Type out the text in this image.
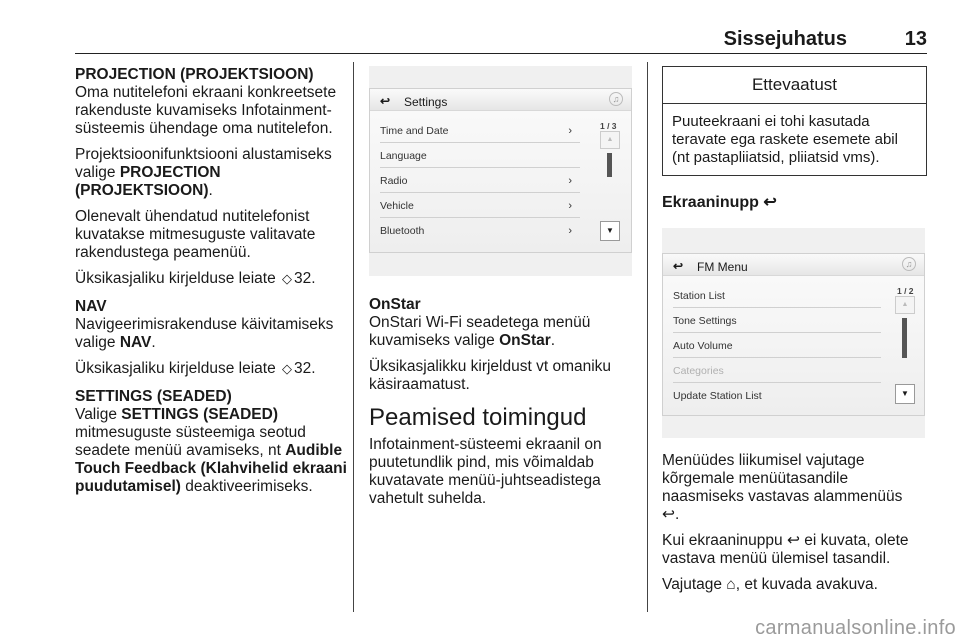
Sissejuhatus	13
PROJECTION (PROJEKTSIOON)
Oma nutitelefoni ekraani konkreetsete rakenduste kuvamiseks Infotainment-süsteemis ühendage oma nutitelefon.
Projektsioonifunktsiooni alustamiseks valige PROJECTION (PROJEKTSIOON).
Olenevalt ühendatud nutitelefonist kuvatakse mitmesuguste valitavate rakendustega peamenüü.
Üksikasjaliku kirjelduse leiate ◇ 32.
NAV
Navigeerimisrakenduse käivitamiseks valige NAV.
Üksikasjaliku kirjelduse leiate ◇ 32.
SETTINGS (SEADED)
Valige SETTINGS (SEADED) mitmesuguste süsteemiga seotud seadete menüü avamiseks, nt Audible Touch Feedback (Klahvihelid ekraani puudutamisel) deaktiveerimiseks.
↩ Settings	♫
Time and Date	›
Language
Radio	›
Vehicle	›
Bluetooth	›
1 / 3
▲
▼
OnStar
OnStari Wi-Fi seadetega menüü kuvamiseks valige OnStar.
Üksikasjalikku kirjeldust vt omaniku käsiraamatust.
Peamised toimingud
Infotainment-süsteemi ekraanil on puutetundlik pind, mis võimaldab kuvatavate menüü-juhtseadistega vahetult suhelda.
Ettevaatust
Puuteekraani ei tohi kasutada teravate ega raskete esemete abil (nt pastapliiatsid, pliiatsid vms).
Ekraaninupp ↩
↩ FM Menu	♫
Station List
Tone Settings
Auto Volume
Categories
Update Station List
1 / 2
▲
▼
Menüüdes liikumisel vajutage kõrgemale menüütasandile naasmiseks vastavas alammenüüs
↩.
Kui ekraaninuppu ↩ ei kuvata, olete vastava menüü ülemisel tasandil.
Vajutage ⌂, et kuvada avakuva.
carmanualsonline.info
